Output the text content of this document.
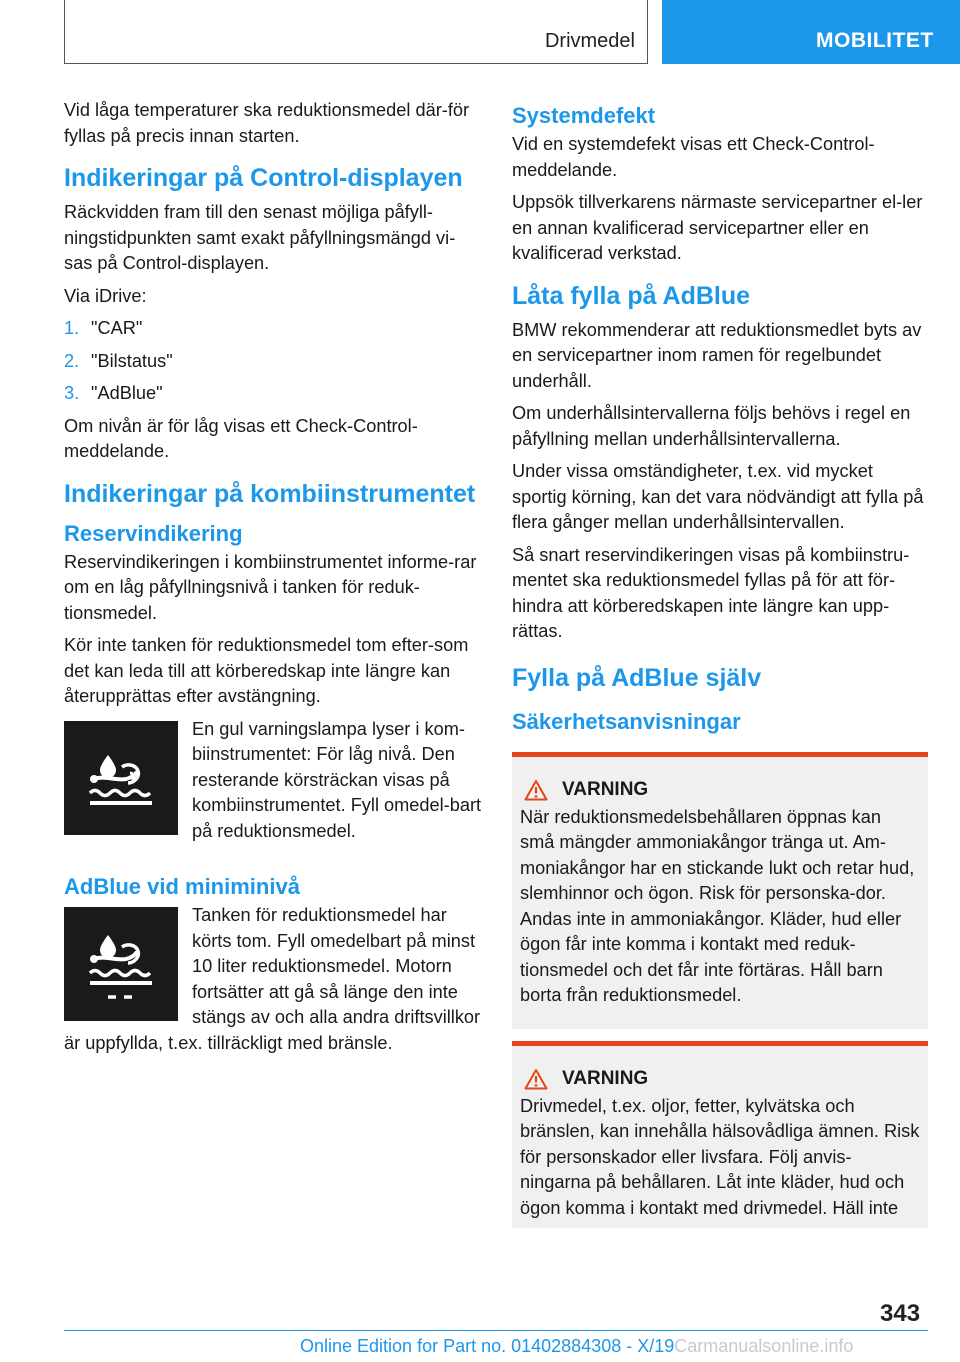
Drivmedel	MOBILITET

Vid låga temperaturer ska reduktionsmedel där-för fyllas på precis innan starten.

Indikeringar på Control-displayen

Räckvidden fram till den senast möjliga påfyll-ningstidpunkten samt exakt påfyllningsmängd vi-sas på Control-displayen.

Via iDrive:

1. "CAR"
2. "Bilstatus"
3. "AdBlue"

Om nivån är för låg visas ett Check-Control-meddelande.

Indikeringar på kombiinstrumentet
Reservindikering

Reservindikeringen i kombiinstrumentet informe-rar om en låg påfyllningsnivå i tanken för reduk-tionsmedel.

Kör inte tanken för reduktionsmedel tom efter-som det kan leda till att körberedskap inte längre kan återupprättas efter avstängning.

En gul varningslampa lyser i kom-biinstrumentet: För låg nivå. Den resterande körsträckan visas på kombiinstrumentet. Fyll omedel-bart på reduktionsmedel.

AdBlue vid miniminivå

Tanken för reduktionsmedel har körts tom. Fyll omedelbart på minst 10 liter reduktionsmedel. Motorn fortsätter att gå så länge den inte stängs av och alla andra driftsvillkor är uppfyllda, t.ex. tillräckligt med bränsle.

Systemdefekt

Vid en systemdefekt visas ett Check-Control-meddelande.

Uppsök tillverkarens närmaste servicepartner el-ler en annan kvalificerad servicepartner eller en kvalificerad verkstad.

Låta fylla på AdBlue

BMW rekommenderar att reduktionsmedlet byts av en servicepartner inom ramen för regelbundet underhåll.

Om underhållsintervallerna följs behövs i regel en påfyllning mellan underhållsintervallerna.

Under vissa omständigheter, t.ex. vid mycket sportig körning, kan det vara nödvändigt att fylla på flera gånger mellan underhållsintervallen.

Så snart reservindikeringen visas på kombiinstru-mentet ska reduktionsmedel fyllas på för att för-hindra att körberedskapen inte längre kan upp-rättas.

Fylla på AdBlue själv
Säkerhetsanvisningar
VARNING

När reduktionsmedelsbehållaren öppnas kan små mängder ammoniakångor tränga ut. Am-moniakångor har en stickande lukt och retar hud, slemhinnor och ögon. Risk för personska-dor. Andas inte in ammoniakångor. Kläder, hud eller ögon får inte komma i kontakt med reduk-tionsmedel och det får inte förtäras. Håll barn borta från reduktionsmedel.

VARNING

Drivmedel, t.ex. oljor, fetter, kylvätska och bränslen, kan innehålla hälsovådliga ämnen. Risk för personskador eller livsfara. Följ anvis-ningarna på behållaren. Låt inte kläder, hud och ögon komma i kontakt med drivmedel. Häll inte

343
Online Edition for Part no. 01402884308 - X/19Carmanualsonline.info
